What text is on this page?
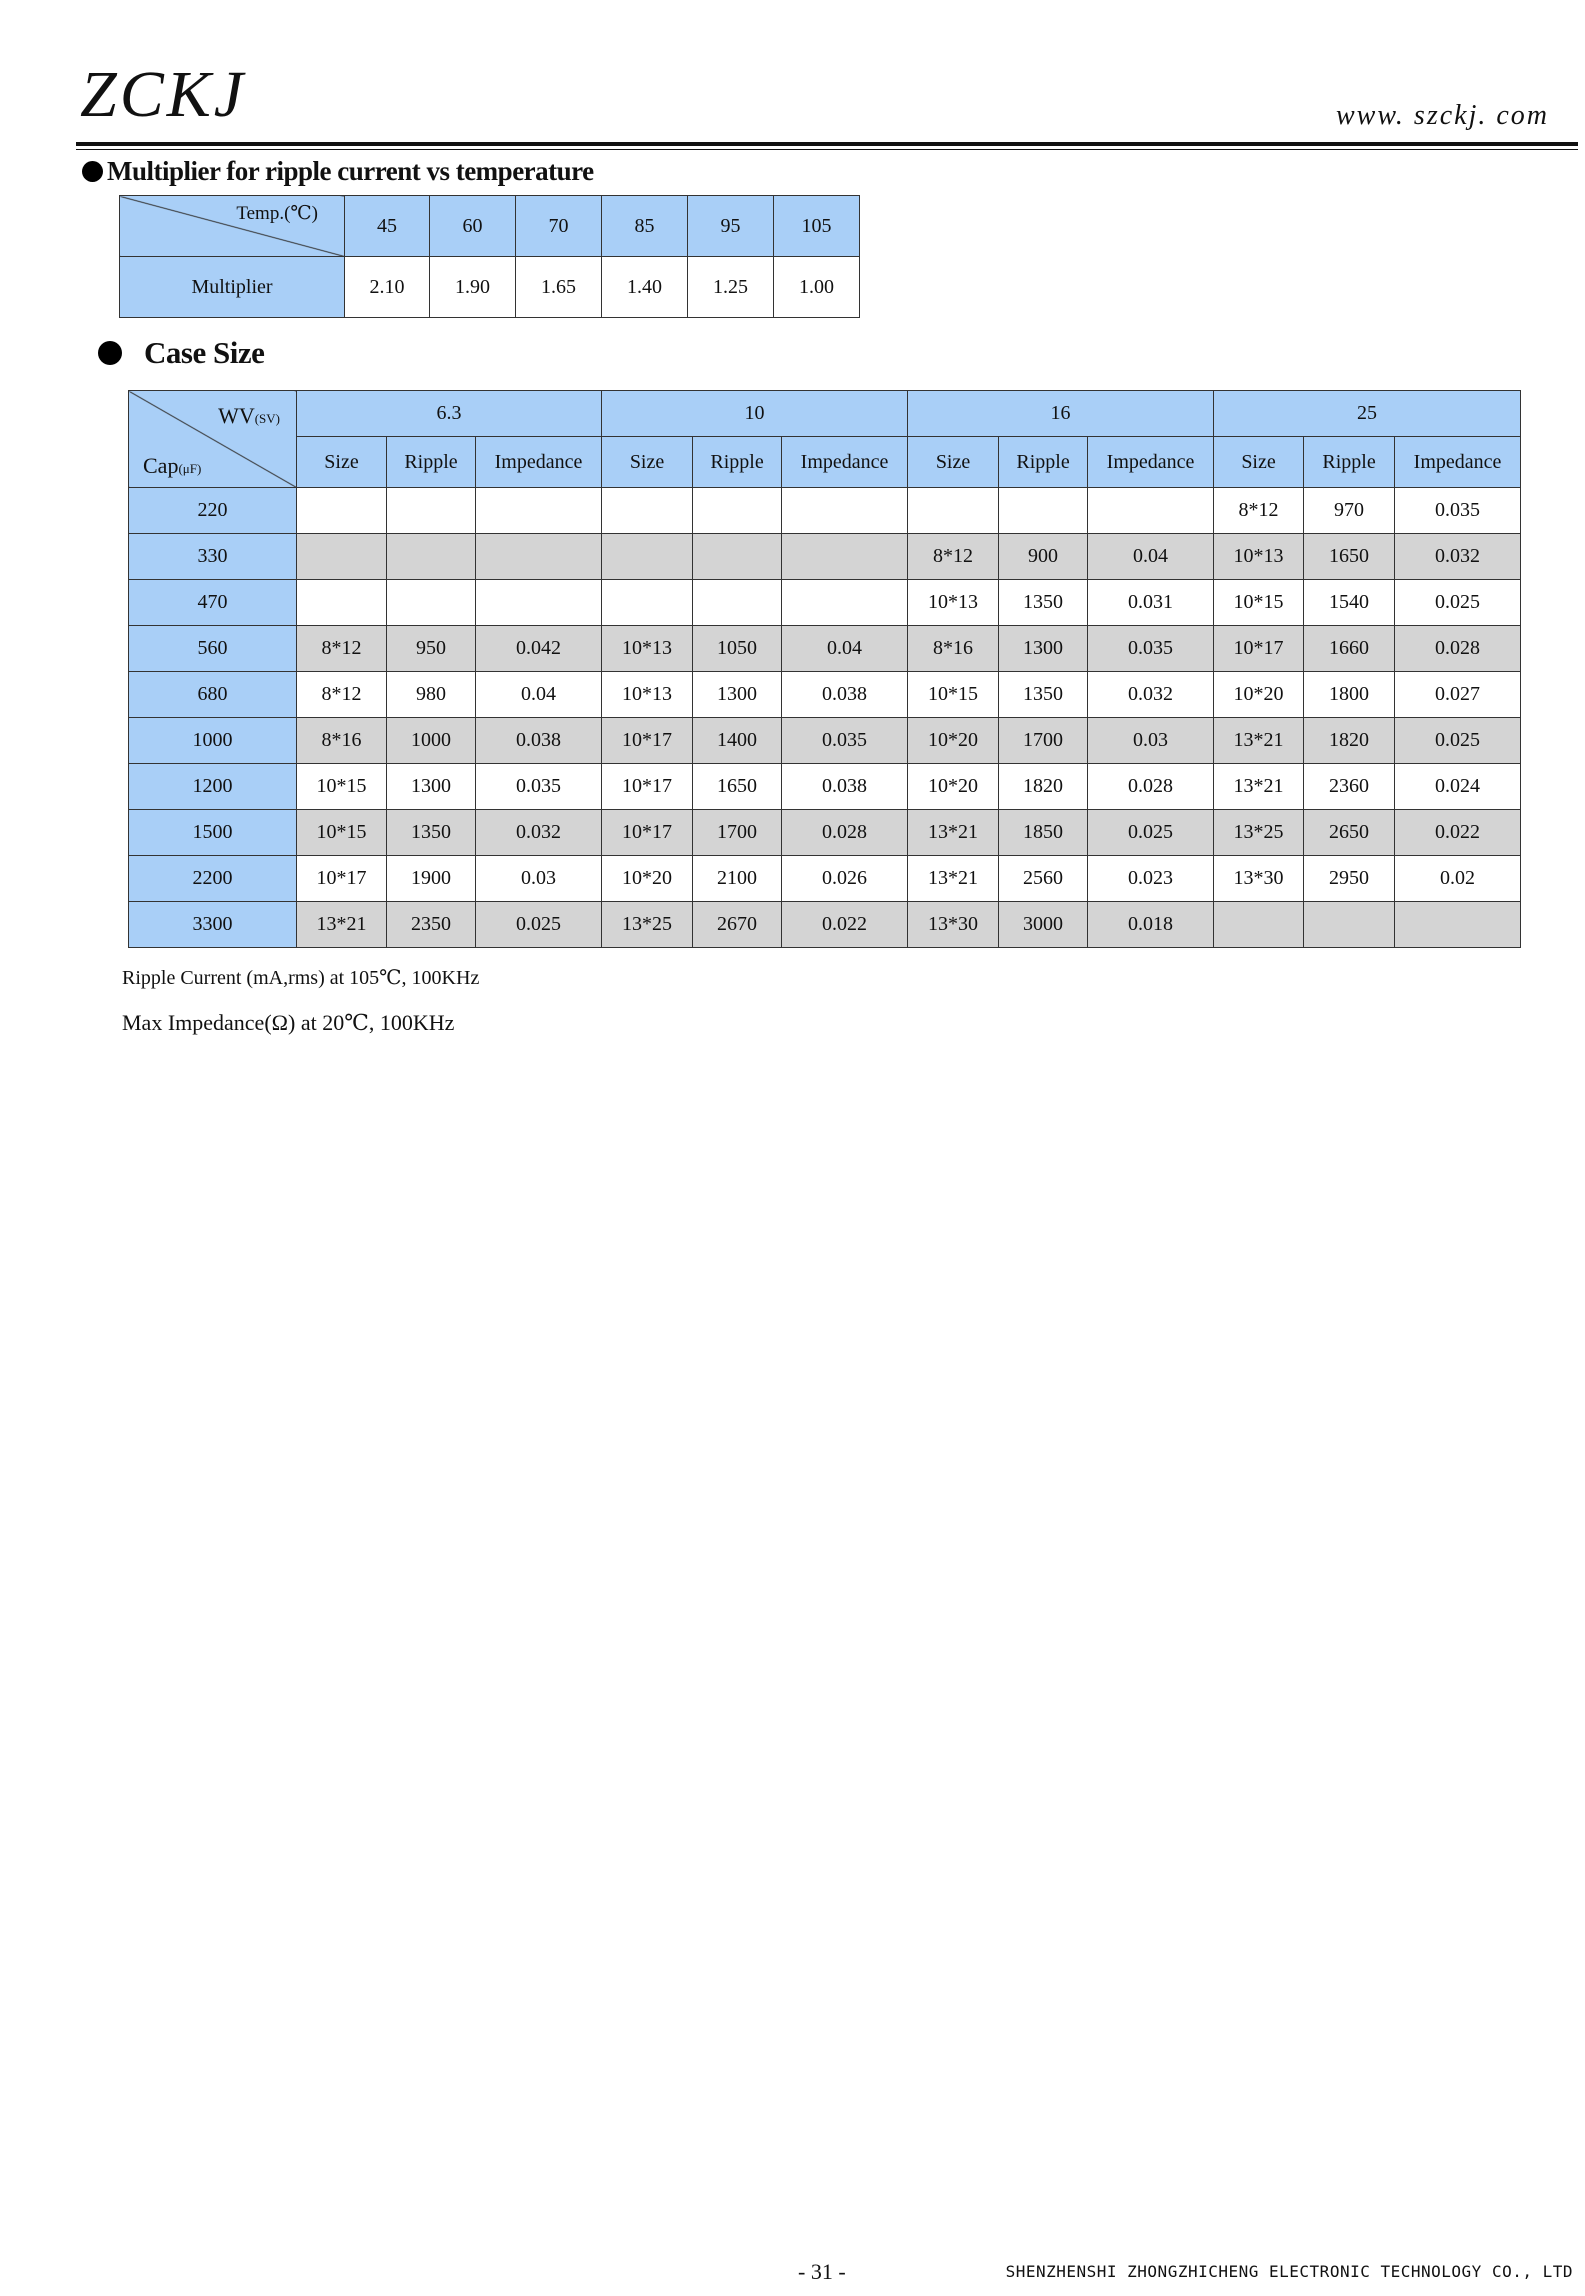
ZCKJ	www. szckj. com
Multiplier for ripple current vs temperature
Temp.(℃)	45	60	70	85	95	105
Multiplier	2.10	1.90	1.65	1.40	1.25	1.00
Case Size
WV(SV)
Cap(μF)	6.3			10			16			25		
	Size	Ripple	Impedance	Size	Ripple	Impedance	Size	Ripple	Impedance	Size	Ripple	Impedance
220										8*12	970	0.035
330							8*12	900	0.04	10*13	1650	0.032
470							10*13	1350	0.031	10*15	1540	0.025
560	8*12	950	0.042	10*13	1050	0.04	8*16	1300	0.035	10*17	1660	0.028
680	8*12	980	0.04	10*13	1300	0.038	10*15	1350	0.032	10*20	1800	0.027
1000	8*16	1000	0.038	10*17	1400	0.035	10*20	1700	0.03	13*21	1820	0.025
1200	10*15	1300	0.035	10*17	1650	0.038	10*20	1820	0.028	13*21	2360	0.024
1500	10*15	1350	0.032	10*17	1700	0.028	13*21	1850	0.025	13*25	2650	0.022
2200	10*17	1900	0.03	10*20	2100	0.026	13*21	2560	0.023	13*30	2950	0.02
3300	13*21	2350	0.025	13*25	2670	0.022	13*30	3000	0.018			
Ripple Current (mA,rms) at 105℃, 100KHz
Max Impedance(Ω) at 20℃, 100KHz
- 31 -	SHENZHENSHI ZHONGZHICHENG ELECTRONIC TECHNOLOGY CO., LTD
